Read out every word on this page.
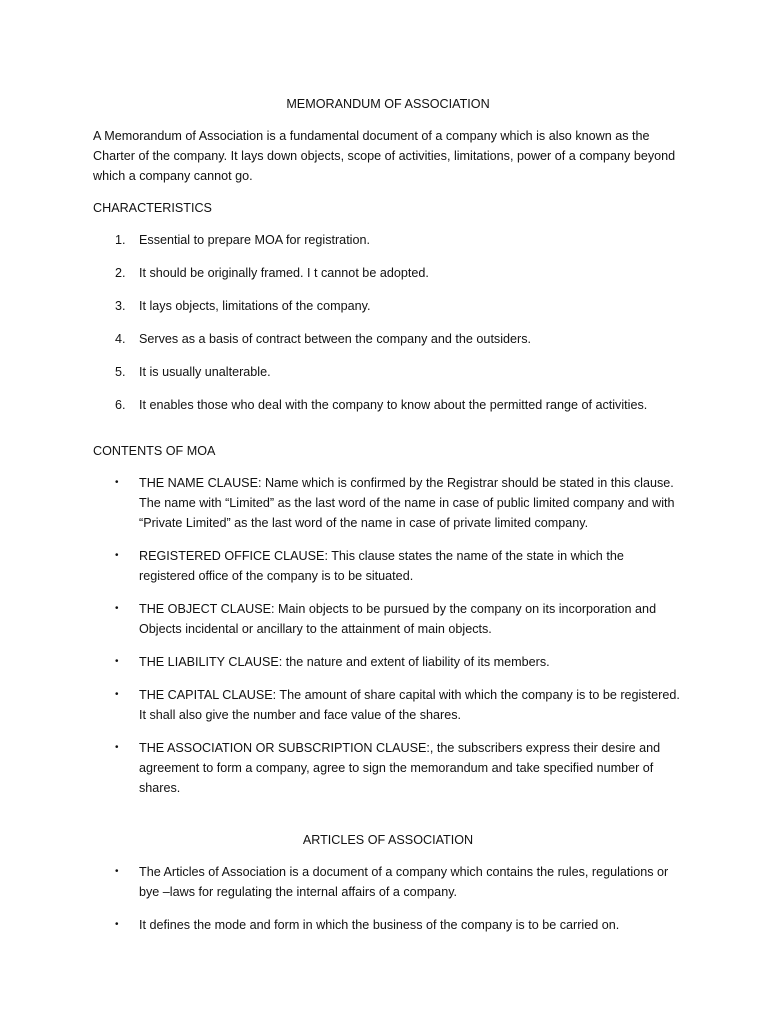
MEMORANDUM OF ASSOCIATION

A Memorandum of Association is a fundamental document of a company which is also known as the Charter of the company. It lays down objects, scope of activities, limitations, power of a company beyond which a company cannot go.

CHARACTERISTICS
1. Essential to prepare MOA for registration.
2. It should be originally framed. I t cannot be adopted.
3. It lays objects, limitations of the company.
4. Serves as a basis of contract between the company and the outsiders.
5. It is usually unalterable.
6. It enables those who deal with the company to know about the permitted range of activities.
CONTENTS OF MOA
• THE NAME CLAUSE: Name which is confirmed by the Registrar should be stated in this clause. The name with “Limited” as the last word of the name in case of public limited company and with “Private Limited” as the last word of the name in case of private limited company.
• REGISTERED OFFICE CLAUSE: This clause states the name of the state in which the registered office of the company is to be situated.
• THE OBJECT CLAUSE: Main objects to be pursued by the company on its incorporation and Objects incidental or ancillary to the attainment of main objects.
• THE LIABILITY CLAUSE: the nature and extent of liability of its members.
• THE CAPITAL CLAUSE: The amount of share capital with which the company is to be registered. It shall also give the number and face value of the shares.
• THE ASSOCIATION OR SUBSCRIPTION CLAUSE:, the subscribers express their desire and agreement to form a company, agree to sign the memorandum and take specified number of shares.
ARTICLES OF ASSOCIATION
• The Articles of Association is a document of a company which contains the rules, regulations or bye –laws for regulating the internal affairs of a company.
• It defines the mode and form in which the business of the company is to be carried on.
